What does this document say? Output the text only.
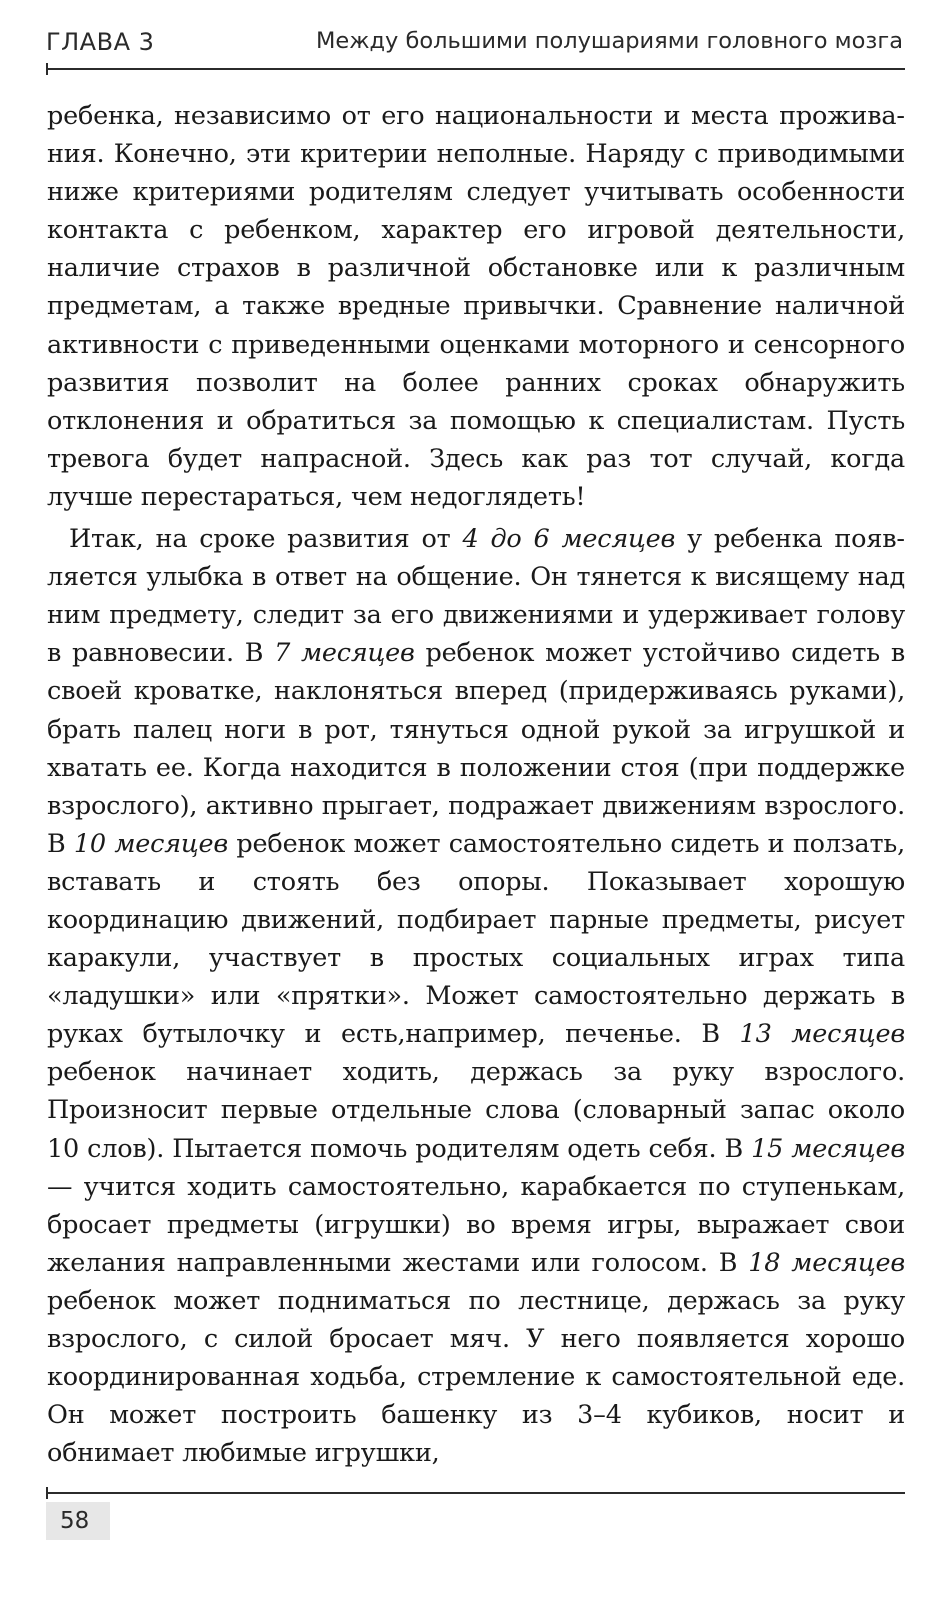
ГЛАВА 3	Между большими полушариями головного мозга

ребенка, независимо от его национальности и места проживания. Конечно, эти критерии неполные. Наряду с приводимыми ниже критериями родителям следует учитывать особенности контакта с ребенком, характер его игровой деятельности, наличие страхов в различной обстановке или к различным предметам, а также вредные привычки. Сравнение наличной активности с приведенными оценками моторного и сенсорного развития позволит на более ранних сроках обнаружить отклонения и обратиться за помощью к специалистам. Пусть тревога будет напрасной. Здесь как раз тот случай, когда лучше перестараться, чем недоглядеть!

Итак, на сроке развития от 4 до 6 месяцев у ребенка появляется улыбка в ответ на общение. Он тянется к висящему над ним предмету, следит за его движениями и удерживает голову в равновесии. В 7 месяцев ребенок может устойчиво сидеть в своей кроватке, наклоняться вперед (придерживаясь руками), брать палец ноги в рот, тянуться одной рукой за игрушкой и хватать ее. Когда находится в положении стоя (при поддержке взрослого), активно прыгает, подражает движениям взрослого. В 10 месяцев ребенок может самостоятельно сидеть и ползать, вставать и стоять без опоры. Показывает хорошую координацию движений, подбирает парные предметы, рисует каракули, участвует в простых социальных играх типа «ладушки» или «прятки». Может самостоятельно держать в руках бутылочку и есть,например, печенье. В 13 месяцев ребенок начинает ходить, держась за руку взрослого. Произносит первые отдельные слова (словарный запас около 10 слов). Пытается помочь родителям одеть себя. В 15 месяцев — учится ходить самостоятельно, карабкается по ступенькам, бросает предметы (игрушки) во время игры, выражает свои желания направленными жестами или голосом. В 18 месяцев ребенок может подниматься по лестнице, держась за руку взрослого, с силой бросает мяч. У него появляется хорошо координированная ходьба, стремление к самостоятельной еде. Он может построить башенку из 3–4 кубиков, носит и обнимает любимые игрушки,

58
